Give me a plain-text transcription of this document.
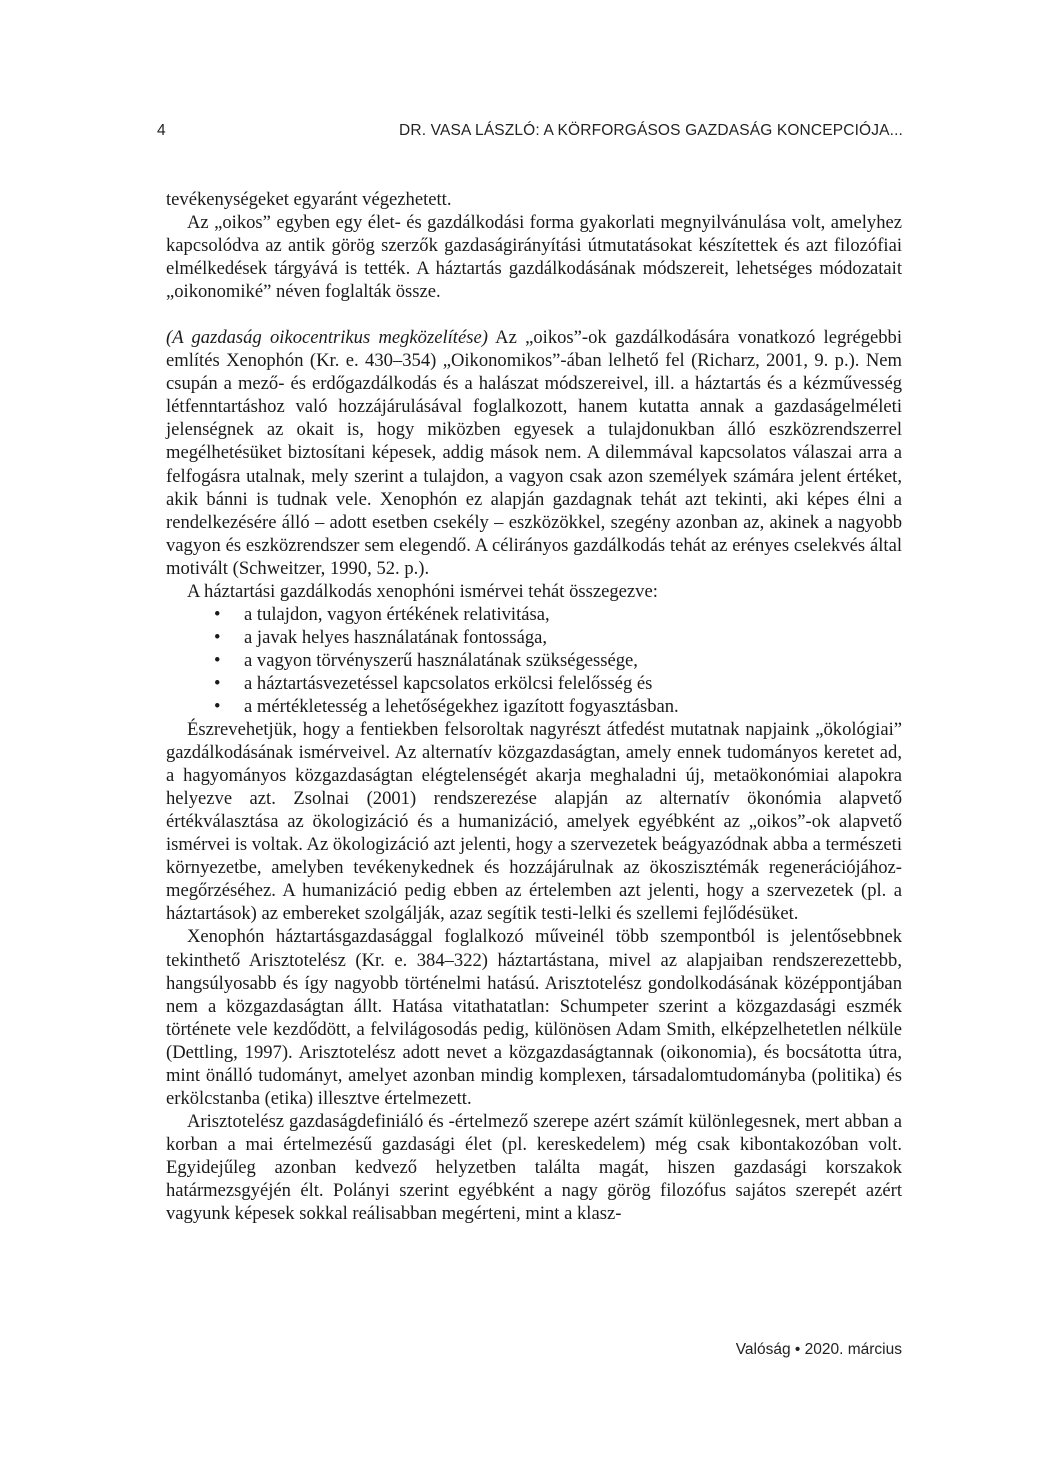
4	DR. VASA LÁSZLÓ: A KÖRFORGÁSOS GAZDASÁG KONCEPCIÓJA...

tevékenységeket egyaránt végezhetett.

Az „oikos” egyben egy élet- és gazdálkodási forma gyakorlati megnyilvánulása volt, amelyhez kapcsolódva az antik görög szerzők gazdaságirányítási útmutatásokat készítettek és azt filozófiai elmélkedések tárgyává is tették. A háztartás gazdálkodásának módszereit, lehetséges módozatait „oikonomiké” néven foglalták össze.

(A gazdaság oikocentrikus megközelítése) Az „oikos”-ok gazdálkodására vonatkozó legrégebbi említés Xenophón (Kr. e. 430–354) „Oikonomikos”-ában lelhető fel (Richarz, 2001, 9. p.). Nem csupán a mező- és erdőgazdálkodás és a halászat módszereivel, ill. a háztartás és a kézművesség létfenntartáshoz való hozzájárulásával foglalkozott, hanem kutatta annak a gazdaságelméleti jelenségnek az okait is, hogy miközben egyesek a tulajdonukban álló eszközrendszerrel megélhetésüket biztosítani képesek, addig mások nem. A dilemmával kapcsolatos válaszai arra a felfogásra utalnak, mely szerint a tulajdon, a vagyon csak azon személyek számára jelent értéket, akik bánni is tudnak vele. Xenophón ez alapján gazdagnak tehát azt tekinti, aki képes élni a rendelkezésére álló – adott esetben csekély – eszközökkel, szegény azonban az, akinek a nagyobb vagyon és eszközrendszer sem elegendő. A célirányos gazdálkodás tehát az erényes cselekvés által motivált (Schweitzer, 1990, 52. p.).

A háztartási gazdálkodás xenophóni ismérvei tehát összegezve:

• a tulajdon, vagyon értékének relativitása,
• a javak helyes használatának fontossága,
• a vagyon törvényszerű használatának szükségessége,
• a háztartásvezetéssel kapcsolatos erkölcsi felelősség és
• a mértékletesség a lehetőségekhez igazított fogyasztásban.

Észrevehetjük, hogy a fentiekben felsoroltak nagyrészt átfedést mutatnak napjaink „ökológiai” gazdálkodásának ismérveivel. Az alternatív közgazdaságtan, amely ennek tudományos keretet ad, a hagyományos közgazdaságtan elégtelenségét akarja meghaladni új, metaökonómiai alapokra helyezve azt. Zsolnai (2001) rendszerezése alapján az alternatív ökonómia alapvető értékválasztása az ökologizáció és a humanizáció, amelyek egyébként az „oikos”-ok alapvető ismérvei is voltak. Az ökologizáció azt jelenti, hogy a szervezetek beágyazódnak abba a természeti környezetbe, amelyben tevékenykednek és hozzájárulnak az ökoszisztémák regenerációjához-megőrzéséhez. A humanizáció pedig ebben az értelemben azt jelenti, hogy a szervezetek (pl. a háztartások) az embereket szolgálják, azaz segítik testi-lelki és szellemi fejlődésüket.

Xenophón háztartásgazdasággal foglalkozó műveinél több szempontból is jelentősebbnek tekinthető Arisztotelész (Kr. e. 384–322) háztartástana, mivel az alapjaiban rendszerezettebb, hangsúlyosabb és így nagyobb történelmi hatású. Arisztotelész gondolkodásának középpontjában nem a közgazdaságtan állt. Hatása vitathatatlan: Schumpeter szerint a közgazdasági eszmék története vele kezdődött, a felvilágosodás pedig, különösen Adam Smith, elképzelhetetlen nélküle (Dettling, 1997). Arisztotelész adott nevet a közgazdaságtannak (oikonomia), és bocsátotta útra, mint önálló tudományt, amelyet azonban mindig komplexen, társadalomtudományba (politika) és erkölcstanba (etika) illesztve értelmezett.

Arisztotelész gazdaságdefiniáló és -értelmező szerepe azért számít különlegesnek, mert abban a korban a mai értelmezésű gazdasági élet (pl. kereskedelem) még csak kibontakozóban volt. Egyidejűleg azonban kedvező helyzetben találta magát, hiszen gazdasági korszakok határmezsgyéjén élt. Polányi szerint egyébként a nagy görög filozófus sajátos szerepét azért vagyunk képesek sokkal reálisabban megérteni, mint a klasz-

Valóság • 2020. március
